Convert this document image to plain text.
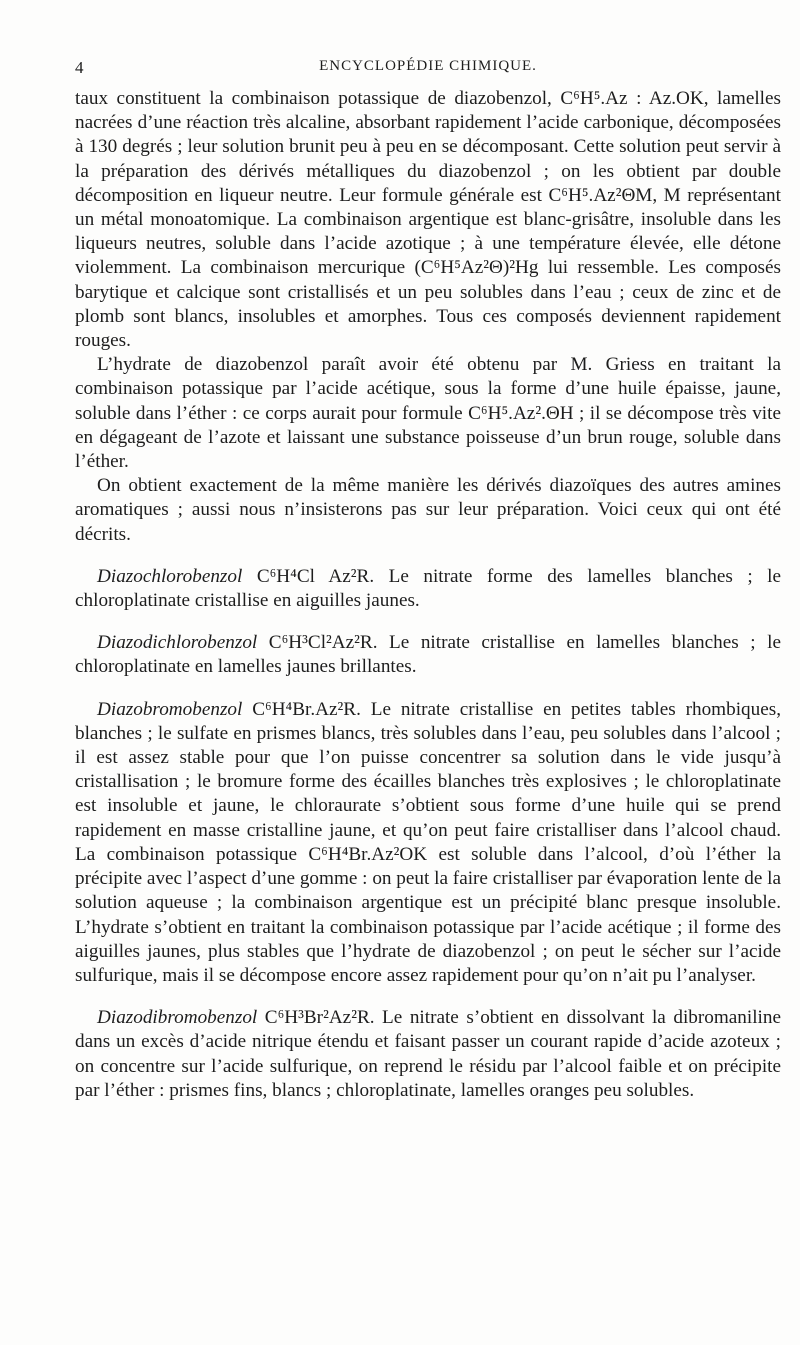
4	ENCYCLOPÉDIE CHIMIQUE.

taux constituent la combinaison potassique de diazobenzol, C⁶H⁵.Az : Az.OK, lamelles nacrées d’une réaction très alcaline, absorbant rapidement l’acide carbonique, décomposées à 130 degrés ; leur solution brunit peu à peu en se décomposant. Cette solution peut servir à la préparation des dérivés métalliques du diazobenzol ; on les obtient par double décomposition en liqueur neutre. Leur formule générale est C⁶H⁵.Az²ΘM, M représentant un métal monoatomique. La combinaison argentique est blanc-grisâtre, insoluble dans les liqueurs neutres, soluble dans l’acide azotique ; à une température élevée, elle détone violemment. La combinaison mercurique (C⁶H⁵Az²Θ)²Hg lui ressemble. Les composés barytique et calcique sont cristallisés et un peu solubles dans l’eau ; ceux de zinc et de plomb sont blancs, insolubles et amorphes. Tous ces composés deviennent rapidement rouges.

L’hydrate de diazobenzol paraît avoir été obtenu par M. Griess en traitant la combinaison potassique par l’acide acétique, sous la forme d’une huile épaisse, jaune, soluble dans l’éther : ce corps aurait pour formule C⁶H⁵.Az².ΘH ; il se décompose très vite en dégageant de l’azote et laissant une substance poisseuse d’un brun rouge, soluble dans l’éther.

On obtient exactement de la même manière les dérivés diazoïques des autres amines aromatiques ; aussi nous n’insisterons pas sur leur préparation. Voici ceux qui ont été décrits.

Diazochlorobenzol C⁶H⁴Cl Az²R. Le nitrate forme des lamelles blanches ; le chloroplatinate cristallise en aiguilles jaunes.

Diazodichlorobenzol C⁶H³Cl²Az²R. Le nitrate cristallise en lamelles blanches ; le chloroplatinate en lamelles jaunes brillantes.

Diazobromobenzol C⁶H⁴Br.Az²R. Le nitrate cristallise en petites tables rhombiques, blanches ; le sulfate en prismes blancs, très solubles dans l’eau, peu solubles dans l’alcool ; il est assez stable pour que l’on puisse concentrer sa solution dans le vide jusqu’à cristallisation ; le bromure forme des écailles blanches très explosives ; le chloroplatinate est insoluble et jaune, le chloraurate s’obtient sous forme d’une huile qui se prend rapidement en masse cristalline jaune, et qu’on peut faire cristalliser dans l’alcool chaud. La combinaison potassique C⁶H⁴Br.Az²OK est soluble dans l’alcool, d’où l’éther la précipite avec l’aspect d’une gomme : on peut la faire cristalliser par évaporation lente de la solution aqueuse ; la combinaison argentique est un précipité blanc presque insoluble. L’hydrate s’obtient en traitant la combinaison potassique par l’acide acétique ; il forme des aiguilles jaunes, plus stables que l’hydrate de diazobenzol ; on peut le sécher sur l’acide sulfurique, mais il se décompose encore assez rapidement pour qu’on n’ait pu l’analyser.

Diazodibromobenzol C⁶H³Br²Az²R. Le nitrate s’obtient en dissolvant la dibromaniline dans un excès d’acide nitrique étendu et faisant passer un courant rapide d’acide azoteux ; on concentre sur l’acide sulfurique, on reprend le résidu par l’alcool faible et on précipite par l’éther : prismes fins, blancs ; chloroplatinate, lamelles oranges peu solubles.
